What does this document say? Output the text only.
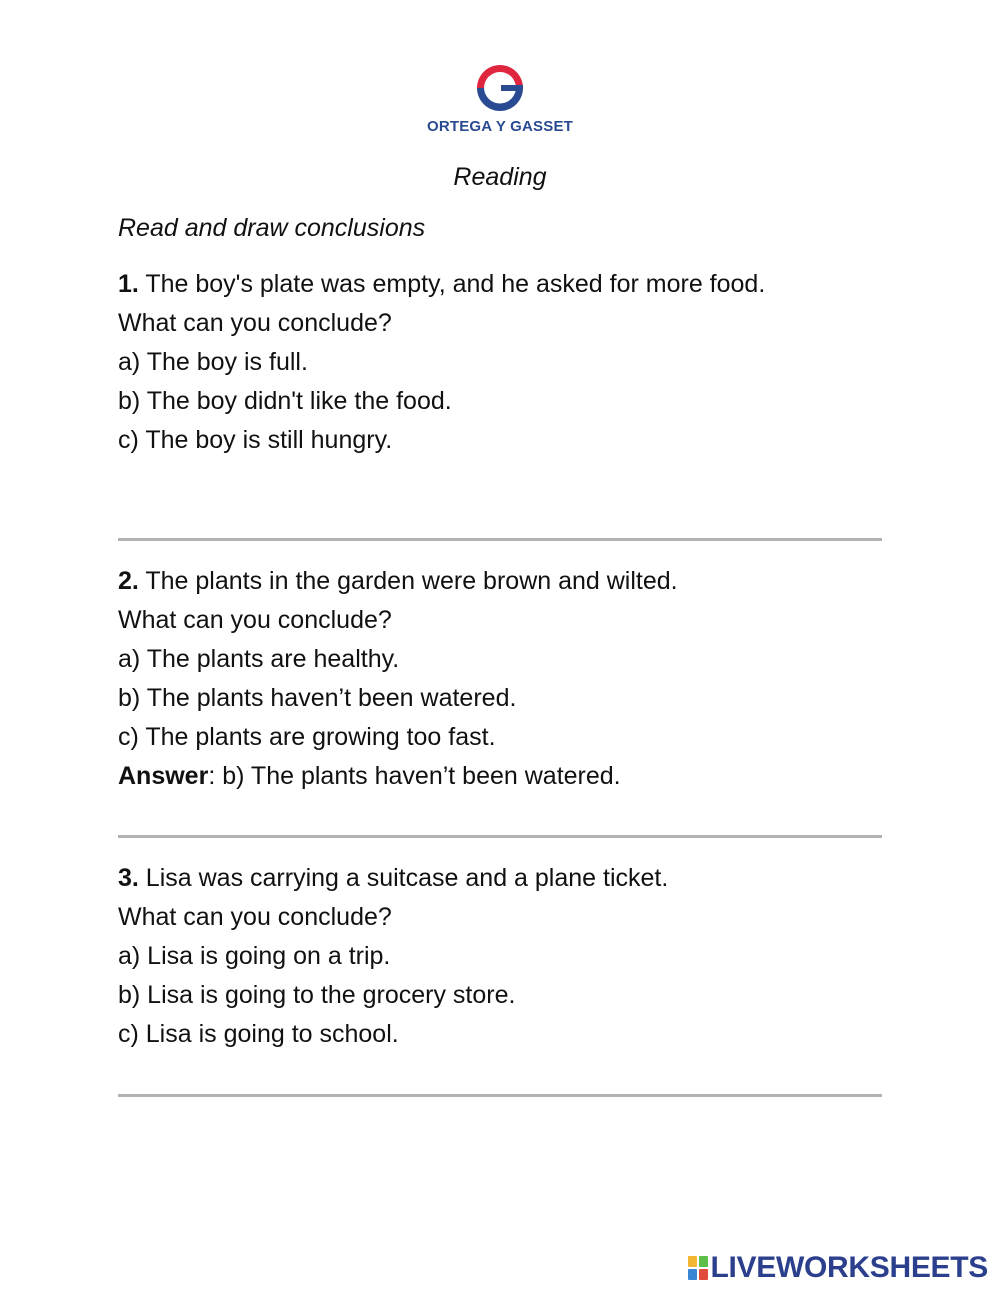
ORTEGA Y GASSET
Reading
Read and draw conclusions
1. The boy's plate was empty, and he asked for more food.
What can you conclude?
a) The boy is full.
b) The boy didn't like the food.
c) The boy is still hungry.
2. The plants in the garden were brown and wilted.
What can you conclude?
a) The plants are healthy.
b) The plants haven’t been watered.
c) The plants are growing too fast.
Answer: b) The plants haven’t been watered.
3. Lisa was carrying a suitcase and a plane ticket.
What can you conclude?
a) Lisa is going on a trip.
b) Lisa is going to the grocery store.
c) Lisa is going to school.
LIVEWORKSHEETS
